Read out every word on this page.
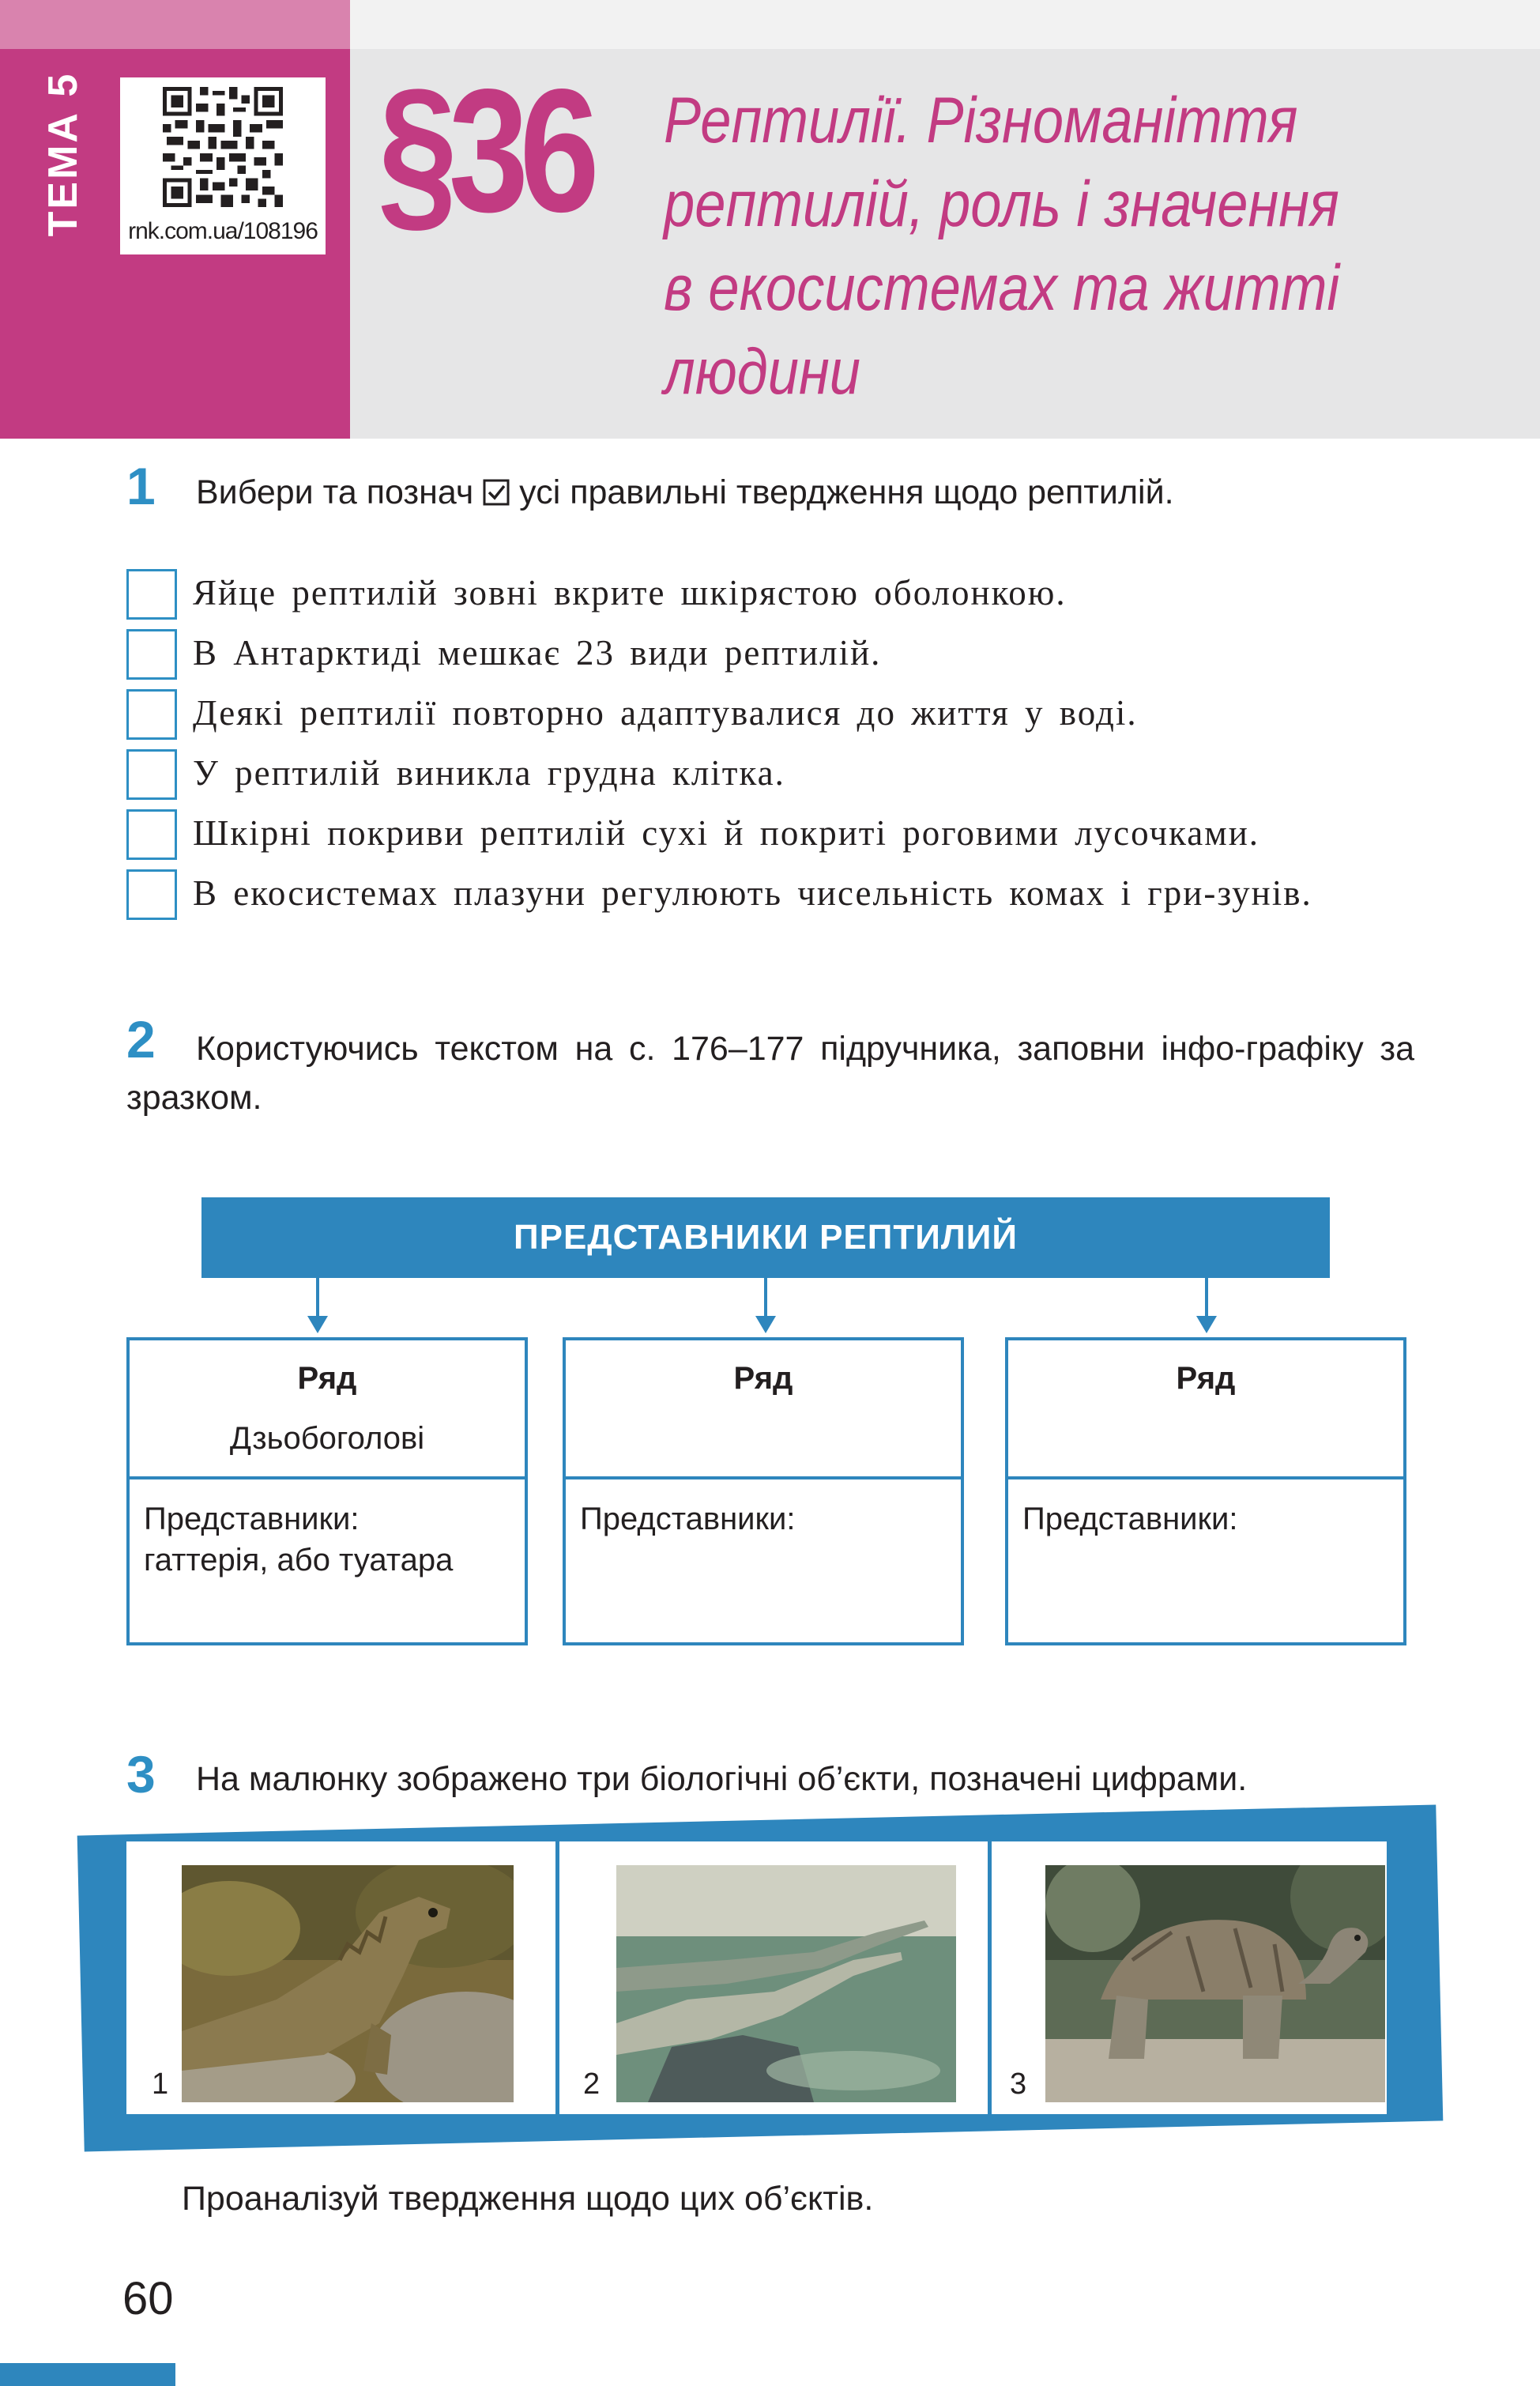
ТЕМА 5	rnk.com.ua/108196 §36 Рептилії. Різноманіття
рептилій, роль і значення
в екосистемах та житті
людини
1 Вибери та познач усі правильні твердження щодо рептилій.
Яйце рептилій зовні вкрите шкірястою оболонкою.
В Антарктиді мешкає 23 види рептилій.
Деякі рептилії повторно адаптувалися до життя у воді.
У рептилій виникла грудна клітка.
Шкірні покриви рептилій сухі й покриті роговими лусочками.
В екосистемах плазуни регулюють чисельність комах і гри-зунів.
2	Користуючись текстом на с. 176–177 підручника, заповни інфо-графіку за зразком.
ПРЕДСТАВНИКИ РЕПТИЛИЙ
Ряд
Дзьобоголові
Представники:
гаттерія, або туатара
Ряд
Представники:
Ряд
Представники:
3 На малюнку зображено три біологічні об’єкти, позначені цифрами.
1	2	3
Проаналізуй твердження щодо цих об’єктів.
60
